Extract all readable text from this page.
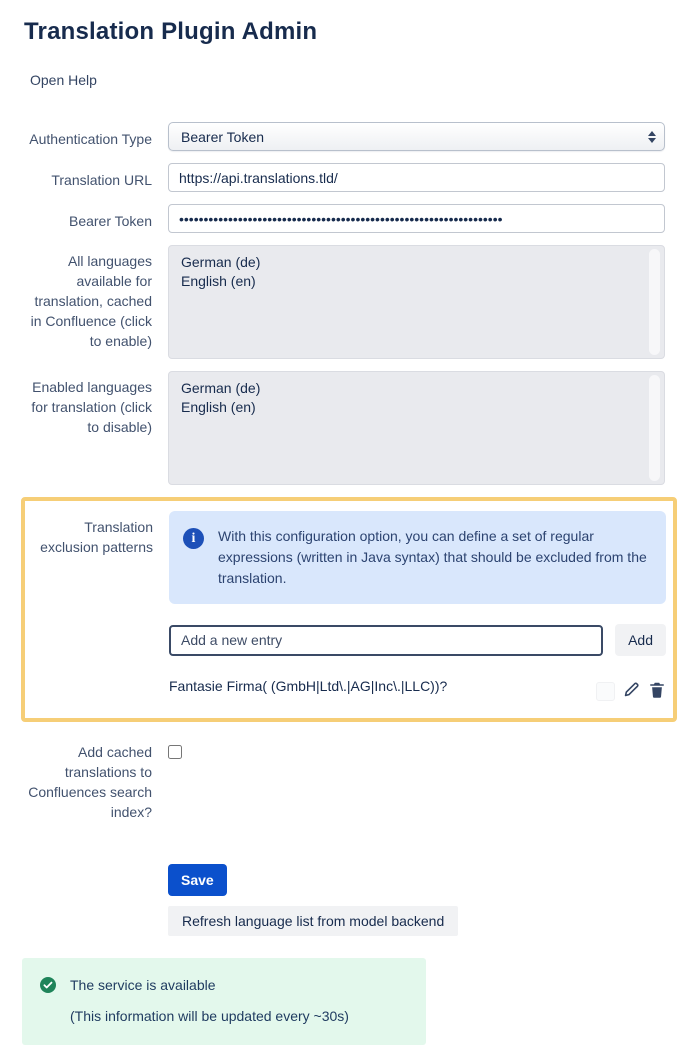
Translation Plugin Admin
Open Help
Authentication Type Bearer Token
Translation URL
https://api.translations.tld/
Bearer Token
••••••••••••••••••••••••••••••••••••••••••••••••••••••••••••••••••
All languages available for translation, cached in Confluence (click to enable)
German (de)
English (en)
Enabled languages for translation (click to disable)
German (de)
English (en)
Translation exclusion patterns
i	With this configuration option, you can define a set of regular expressions (written in Java syntax) that should be excluded from the translation.
Add a new entry
Add
Fantasie Firma( (GmbH|Ltd\.|AG|Inc\.|LLC))?
Add cached translations to Confluences search index?
Save
Refresh language list from model backend
The service is available
(This information will be updated every ~30s)
